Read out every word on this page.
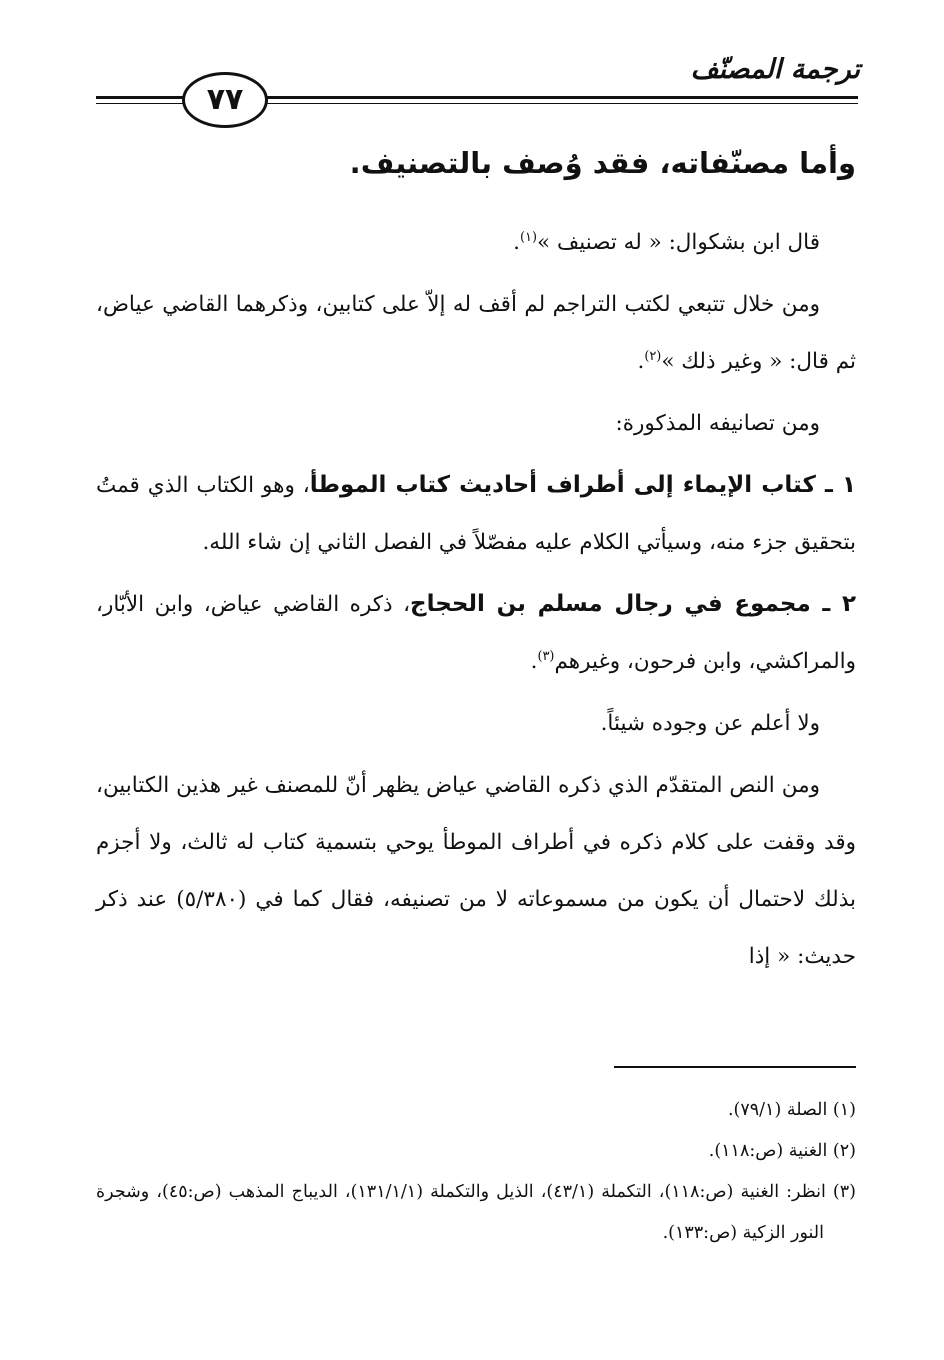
ترجمة المصنّف
٧٧
وأما مصنّفاته، فقد وُصف بالتصنيف.

قال ابن بشكوال: « له تصنيف »$^{(١)}$.

ومن خلال تتبعي لكتب التراجم لم أقف له إلاّ على كتابين، وذكرهما القاضي عياض، ثم قال: « وغير ذلك »$^{(٢)}$.

ومن تصانيفه المذكورة:

١ ـ كتاب الإيماء إلى أطراف أحاديث كتاب الموطأ، وهو الكتاب الذي قمتُ بتحقيق جزء منه، وسيأتي الكلام عليه مفصّلاً في الفصل الثاني إن شاء الله.

٢ ـ مجموع في رجال مسلم بن الحجاج، ذكره القاضي عياض، وابن الأبّار، والمراكشي، وابن فرحون، وغيرهم$^{(٣)}$.

ولا أعلم عن وجوده شيئاً.

ومن النص المتقدّم الذي ذكره القاضي عياض يظهر أنّ للمصنف غير هذين الكتابين، وقد وقفت على كلام ذكره في أطراف الموطأ يوحي بتسمية كتاب له ثالث، ولا أجزم بذلك لاحتمال أن يكون من مسموعاته لا من تصنيفه، فقال كما في (٥/٣٨٠) عند ذكر حديث: « إذا

(١) الصلة (٧٩/١).

(٢) الغنية (ص:١١٨).

(٣) انظر: الغنية (ص:١١٨)، التكملة (٤٣/١)، الذيل والتكملة (١٣١/١/١)، الديباج المذهب (ص:٤٥)، وشجرة النور الزكية (ص:١٣٣).
